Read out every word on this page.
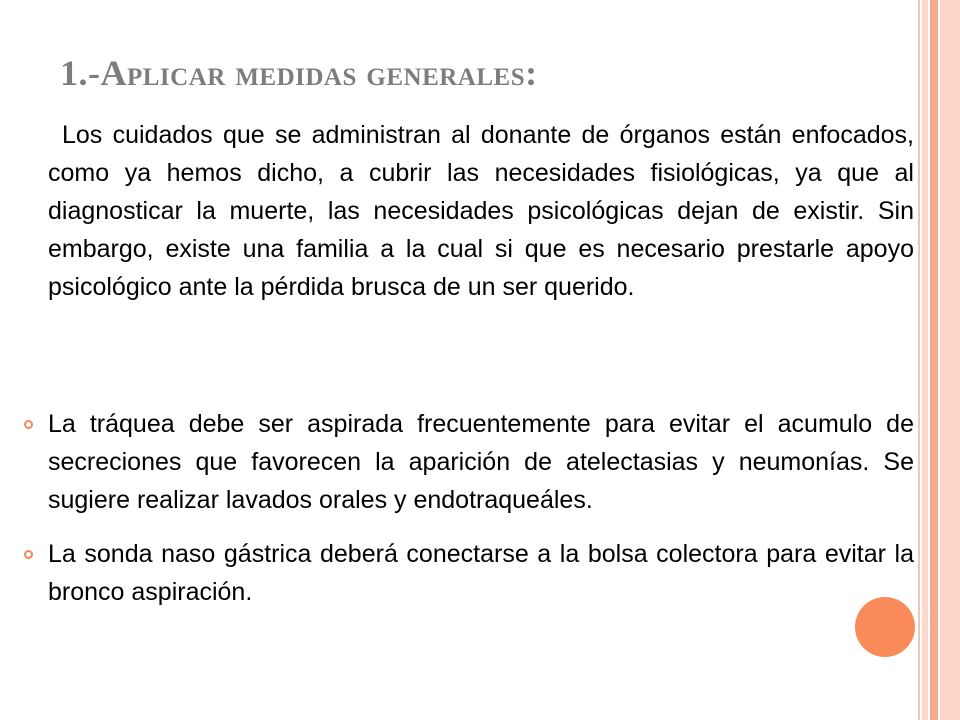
1.-Aplicar medidas generales:

Los cuidados que se administran al donante de órganos están enfocados, como ya hemos dicho, a cubrir las necesidades fisiológicas, ya que al diagnosticar la muerte, las necesidades psicológicas dejan de existir. Sin embargo, existe una familia a la cual si que es necesario prestarle apoyo psicológico ante la pérdida brusca de un ser querido.

La tráquea debe ser aspirada frecuentemente para evitar el acumulo de secreciones que favorecen la aparición de atelectasias y neumonías. Se sugiere realizar lavados orales y endotraqueáles.
La sonda naso gástrica deberá conectarse a la bolsa colectora para evitar la bronco aspiración.
